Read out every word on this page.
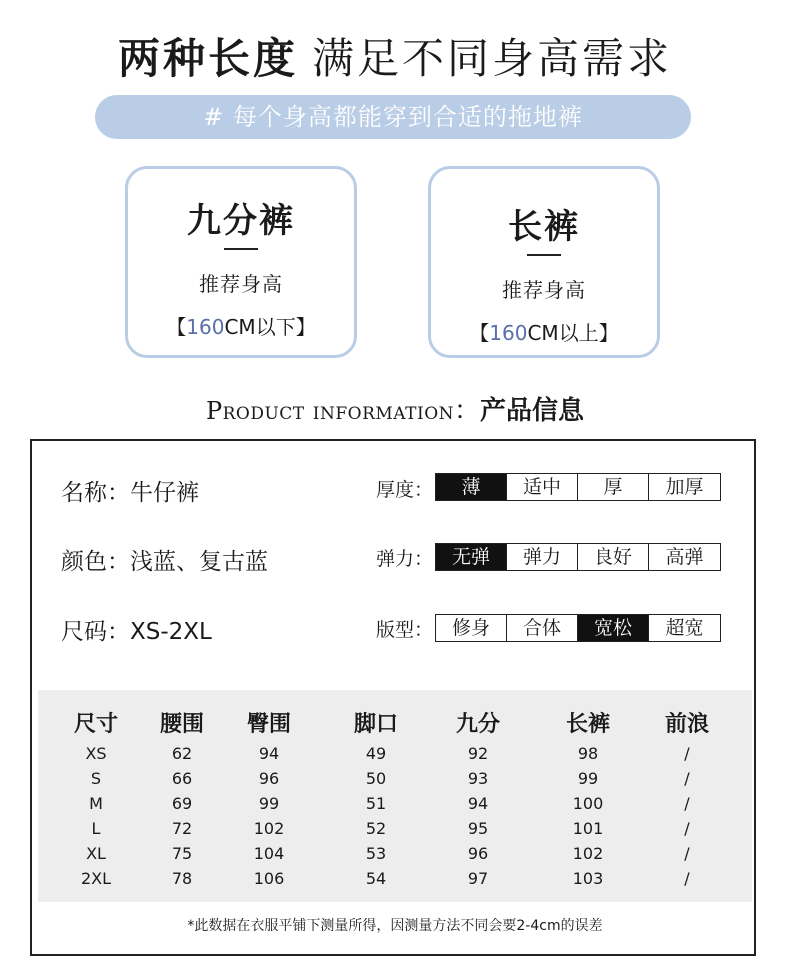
两种长度 满足不同身高需求
# 每个身高都能穿到合适的拖地裤
九分裤
推荐身高
【160CM以下】
长裤
推荐身高
【160CM以上】
Product information：产品信息
名称：牛仔裤
颜色：浅蓝、复古蓝
尺码：XS-2XL
厚度：	薄	适中	厚	加厚
弹力： 无弹	弹力	良好	高弹
版型： 修身	合体	宽松	超宽
尺寸	腰围	臀围	脚口	九分	长裤	前浪
XS	62	94	49	92	98	/
S	66	96	50	93	99	/
M	69	99	51	94	100	/
L	72	102	52	95	101	/
XL	75	104	53	96	102	/
2XL	78	106	54	97	103	/
*此数据在衣服平铺下测量所得，因测量方法不同会要2-4cm的误差
